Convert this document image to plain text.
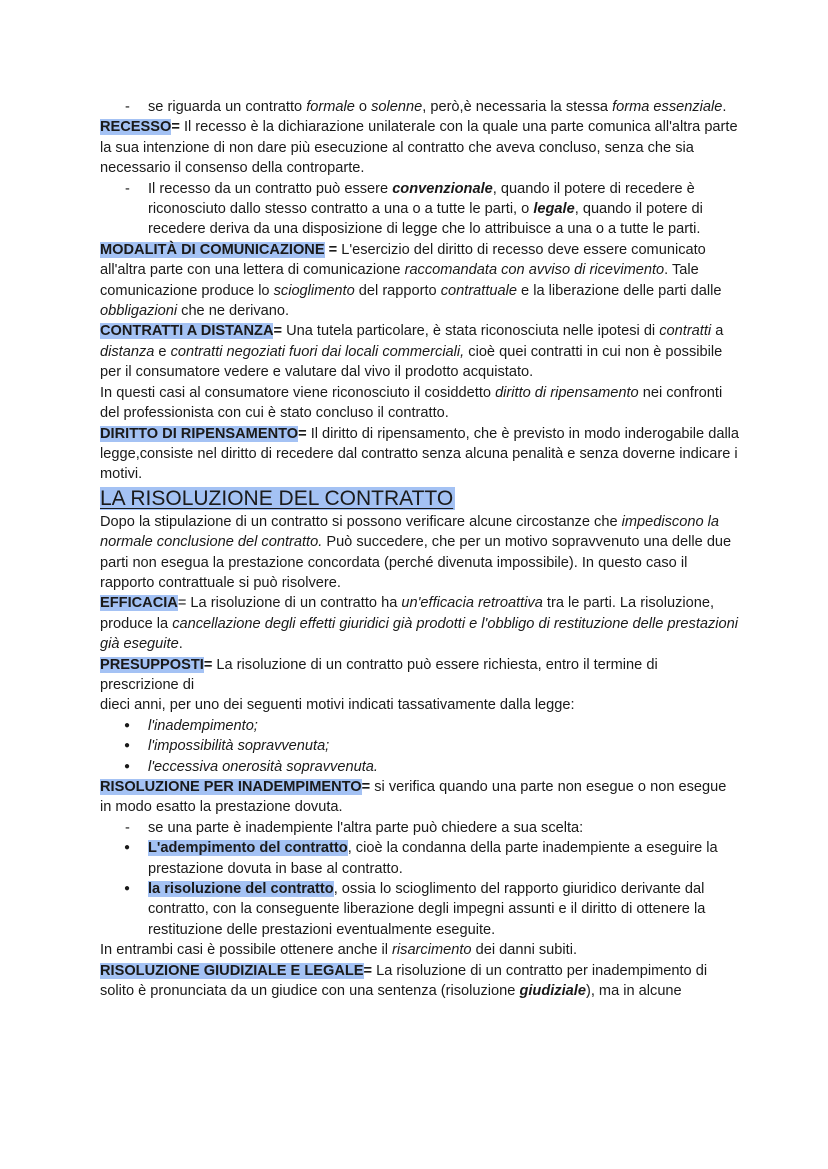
-
se riguarda un contratto formale o solenne, però,è necessaria la stessa forma essenziale.

RECESSO= Il recesso è la dichiarazione unilaterale con la quale una parte comunica all'altra parte la sua intenzione di non dare più esecuzione al contratto che aveva concluso, senza che sia necessario il consenso della controparte.

-
Il recesso da un contratto può essere convenzionale, quando il potere di recedere è riconosciuto dallo stesso contratto a una o a tutte le parti, o legale, quando il potere di recedere deriva da una disposizione di legge che lo attribuisce a una o a tutte le parti.

MODALITÀ DI COMUNICAZIONE = L'esercizio del diritto di recesso deve essere comunicato all'altra parte con una lettera di comunicazione raccomandata con avviso di ricevimento. Tale comunicazione produce lo scioglimento del rapporto contrattuale e la liberazione delle parti dalle obbligazioni che ne derivano.

CONTRATTI A DISTANZA= Una tutela particolare, è stata riconosciuta nelle ipotesi di contratti a distanza e contratti negoziati fuori dai locali commerciali, cioè quei contratti in cui non è possibile per il consumatore vedere e valutare dal vivo il prodotto acquistato.

In questi casi al consumatore viene riconosciuto il cosiddetto diritto di ripensamento nei confronti del professionista con cui è stato concluso il contratto.

DIRITTO DI RIPENSAMENTO= Il diritto di ripensamento, che è previsto in modo inderogabile dalla legge,consiste nel diritto di recedere dal contratto senza alcuna penalità e senza doverne indicare i motivi.

LA RISOLUZIONE DEL CONTRATTO

Dopo la stipulazione di un contratto si possono verificare alcune circostanze che impediscono la normale conclusione del contratto. Può succedere, che per un motivo sopravvenuto una delle due parti non esegua la prestazione concordata (perché divenuta impossibile). In questo caso il rapporto contrattuale si può risolvere.

EFFICACIA= La risoluzione di un contratto ha un'efficacia retroattiva tra le parti. La risoluzione, produce la cancellazione degli effetti giuridici già prodotti e l'obbligo di restituzione delle prestazioni già eseguite.

PRESUPPOSTI= La risoluzione di un contratto può essere richiesta, entro il termine di prescrizione di

dieci anni, per uno dei seguenti motivi indicati tassativamente dalla legge:

●
l'inadempimento;
●
l'impossibilità sopravvenuta;
●
l'eccessiva onerosità sopravvenuta.

RISOLUZIONE PER INADEMPIMENTO= si verifica quando una parte non esegue o non esegue in modo esatto la prestazione dovuta.

-
se una parte è inadempiente l'altra parte può chiedere a sua scelta:
●
L'adempimento del contratto, cioè la condanna della parte inadempiente a eseguire la prestazione dovuta in base al contratto.
●
la risoluzione del contratto, ossia lo scioglimento del rapporto giuridico derivante dal contratto, con la conseguente liberazione degli impegni assunti e il diritto di ottenere la restituzione delle prestazioni eventualmente eseguite.

In entrambi casi è possibile ottenere anche il risarcimento dei danni subiti.

RISOLUZIONE GIUDIZIALE E LEGALE= La risoluzione di un contratto per inadempimento di solito è pronunciata da un giudice con una sentenza (risoluzione giudiziale), ma in alcune
